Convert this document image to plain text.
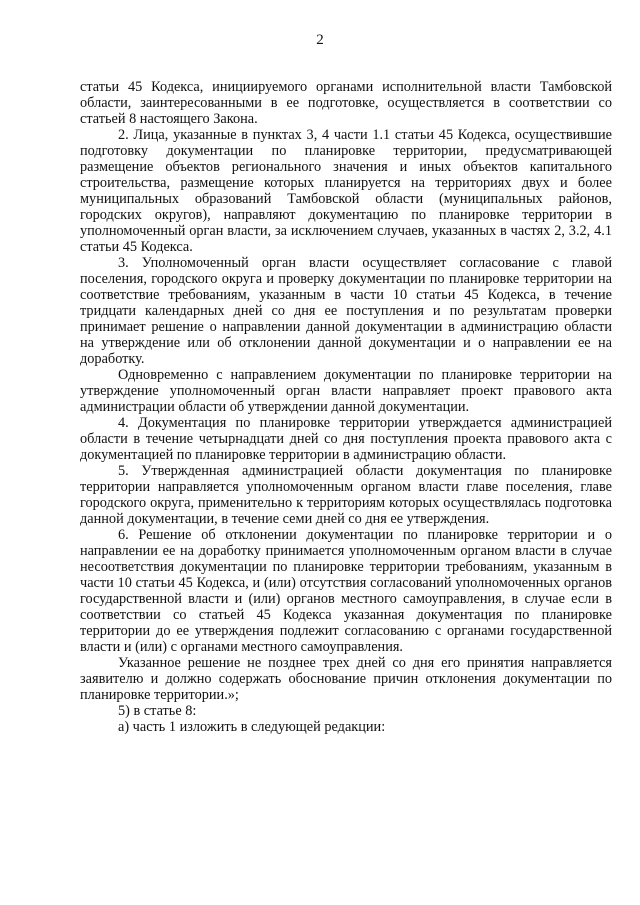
2

статьи 45 Кодекса, инициируемого органами исполнительной власти Тамбовской области, заинтересованными в ее подготовке, осуществляется в соответствии со статьей 8 настоящего Закона.

2. Лица, указанные в пунктах 3, 4 части 1.1 статьи 45 Кодекса, осуществившие подготовку документации по планировке территории, предусматривающей размещение объектов регионального значения и иных объектов капитального строительства, размещение которых планируется на территориях двух и более муниципальных образований Тамбовской области (муниципальных районов, городских округов), направляют документацию по планировке территории в уполномоченный орган власти, за исключением случаев, указанных в частях 2, 3.2, 4.1 статьи 45 Кодекса.

3. Уполномоченный орган власти осуществляет согласование с главой поселения, городского округа и проверку документации по планировке территории на соответствие требованиям, указанным в части 10 статьи 45 Кодекса, в течение тридцати календарных дней со дня ее поступления и по результатам проверки принимает решение о направлении данной документации в администрацию области на утверждение или об отклонении данной документации и о направлении ее на доработку.

Одновременно с направлением документации по планировке территории на утверждение уполномоченный орган власти направляет проект правового акта администрации области об утверждении данной документации.

4. Документация по планировке территории утверждается администрацией области в течение четырнадцати дней со дня поступления проекта правового акта с документацией по планировке территории в администрацию области.

5. Утвержденная администрацией области документация по планировке территории направляется уполномоченным органом власти главе поселения, главе городского округа, применительно к территориям которых осуществлялась подготовка данной документации, в течение семи дней со дня ее утверждения.

6. Решение об отклонении документации по планировке территории и о направлении ее на доработку принимается уполномоченным органом власти в случае несоответствия документации по планировке территории требованиям, указанным в части 10 статьи 45 Кодекса, и (или) отсутствия согласований уполномоченных органов государственной власти и (или) органов местного самоуправления, в случае если в соответствии со статьей 45 Кодекса указанная документация по планировке территории до ее утверждения подлежит согласованию с органами государственной власти и (или) с органами местного самоуправления.

Указанное решение не позднее трех дней со дня его принятия направляется заявителю и должно содержать обоснование причин отклонения документации по планировке территории.»;

5) в статье 8:

а) часть 1 изложить в следующей редакции:
